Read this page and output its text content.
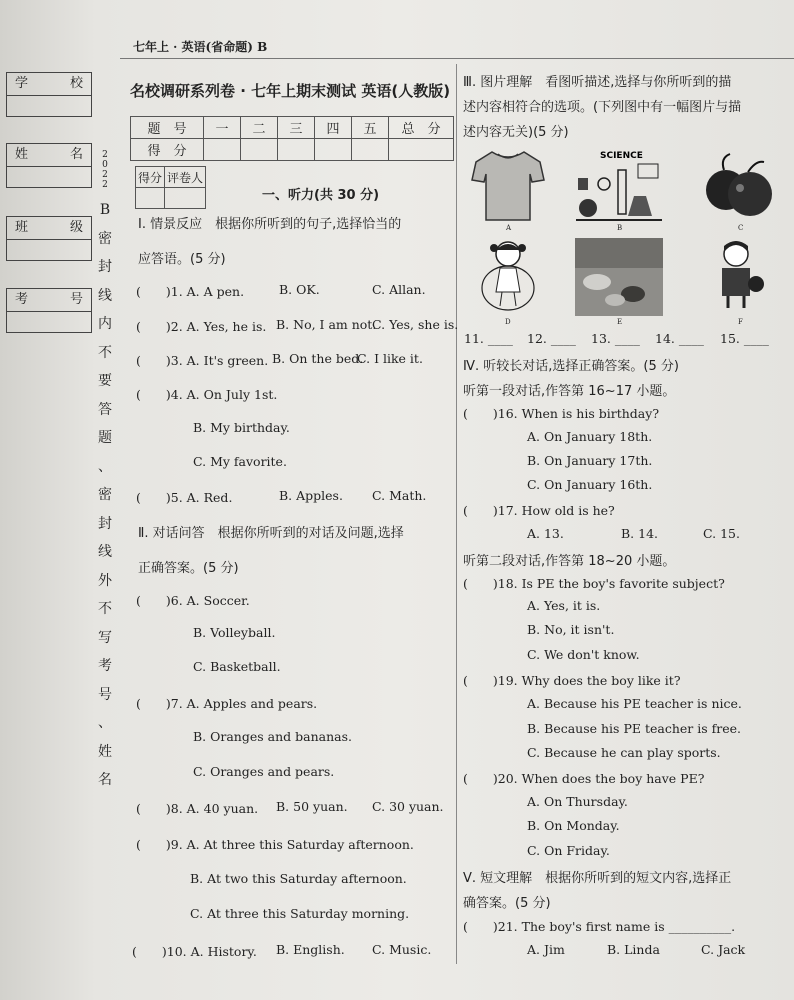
七年上 · 英语(省命题) B
学	校
姓	名
班	级
考	号
2022
B
密
封
线
内
不
要
答
题
、
密
封
线
外
不
写
考
号
、
姓
名
名校调研系列卷 · 七年上期末测试 英语(人教版)
题　号	一	二	三	四	五	总　分
得　分						
得分	评卷人

一、听力(共 30 分)
Ⅰ. 情景反应　根据你所听到的句子,选择恰当的
应答语。(5 分)
(　　)1. A. A pen.	B. OK.	C. Allan.
(　　)2. A. Yes, he is. B. No, I am not.
C. Yes, she is.
(　　)3. A. It's green. B. On the bed.
C. I like it.
(　　)4. A. On July 1st.
B. My birthday.
C. My favorite.
(　　)5. A. Red.	B. Apples. C. Math.
Ⅱ. 对话问答　根据你所听到的对话及问题,选择
正确答案。(5 分)
(　　)6. A. Soccer.
B. Volleyball.
C. Basketball.
(　　)7. A. Apples and pears.
B. Oranges and bananas.
C. Oranges and pears.
(　　)8. A. 40 yuan. B. 50 yuan. C. 30 yuan.
(　　)9. A. At three this Saturday afternoon.
B. At two this Saturday afternoon.
C. At three this Saturday morning.
(　　)10. A. History. B. English. C. Music.
Ⅲ. 图片理解　看图听描述,选择与你所听到的描
述内容相符合的选项。(下列图中有一幅图片与描
述内容无关)(5 分)
A
SCIENCE
B	C
D	E	F
11. ____ 12. ____ 13. ____ 14. ____ 15. ____
Ⅳ. 听较长对话,选择正确答案。(5 分)
听第一段对话,作答第 16~17 小题。
(　　)16. When is his birthday?
A. On January 18th.
B. On January 17th.
C. On January 16th.
(　　)17. How old is he?
A. 13.	B. 14.	C. 15.
听第二段对话,作答第 18~20 小题。
(　　)18. Is PE the boy's favorite subject?
A. Yes, it is.
B. No, it isn't.
C. We don't know.
(　　)19. Why does the boy like it?
A. Because his PE teacher is nice.
B. Because his PE teacher is free.
C. Because he can play sports.
(　　)20. When does the boy have PE?
A. On Thursday.
B. On Monday.
C. On Friday.
Ⅴ. 短文理解　根据你所听到的短文内容,选择正
确答案。(5 分)
(　　)21. The boy's first name is __________.
A. Jim	B. Linda	C. Jack
